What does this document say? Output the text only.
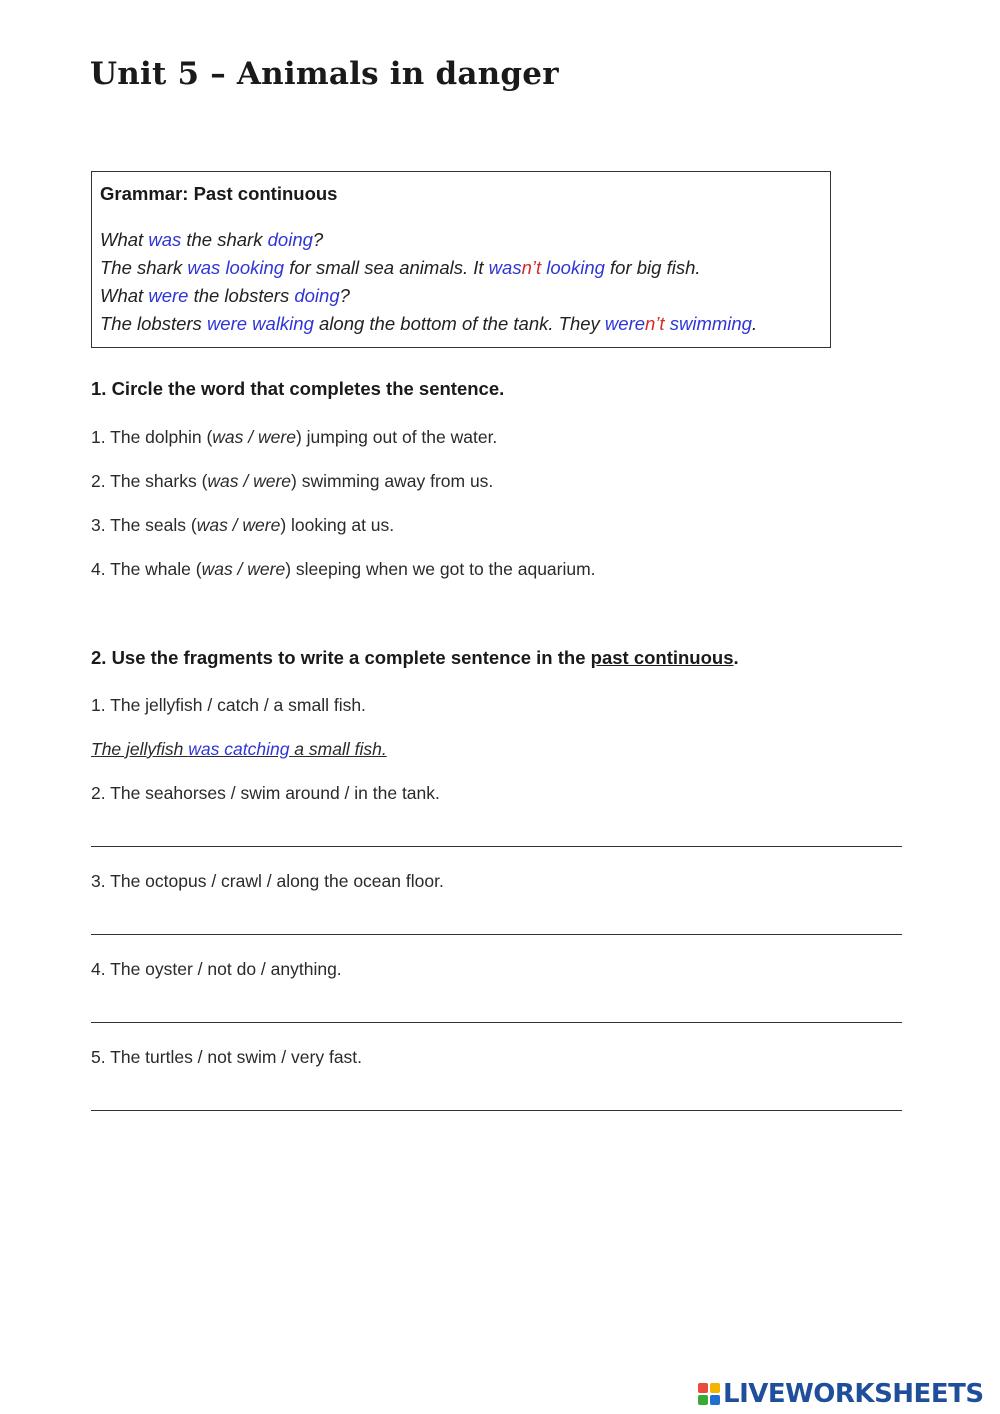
Unit 5 – Animals in danger

Grammar: Past continuous

What was the shark doing?
The shark was looking for small sea animals. It wasn’t looking for big fish.
What were the lobsters doing?
The lobsters were walking along the bottom of the tank. They weren’t swimming.

1. Circle the word that completes the sentence.

1. The dolphin (was / were) jumping out of the water.
2. The sharks (was / were) swimming away from us.
3. The seals (was / were) looking at us.
4. The whale (was / were) sleeping when we got to the aquarium.

2. Use the fragments to write a complete sentence in the past continuous.

1. The jellyfish / catch / a small fish.
The jellyfish was catching a small fish.
2. The seahorses / swim around / in the tank.
3. The octopus / crawl / along the ocean floor.
4. The oyster / not do / anything.
5. The turtles / not swim / very fast.
LIVEWORKSHEETS
